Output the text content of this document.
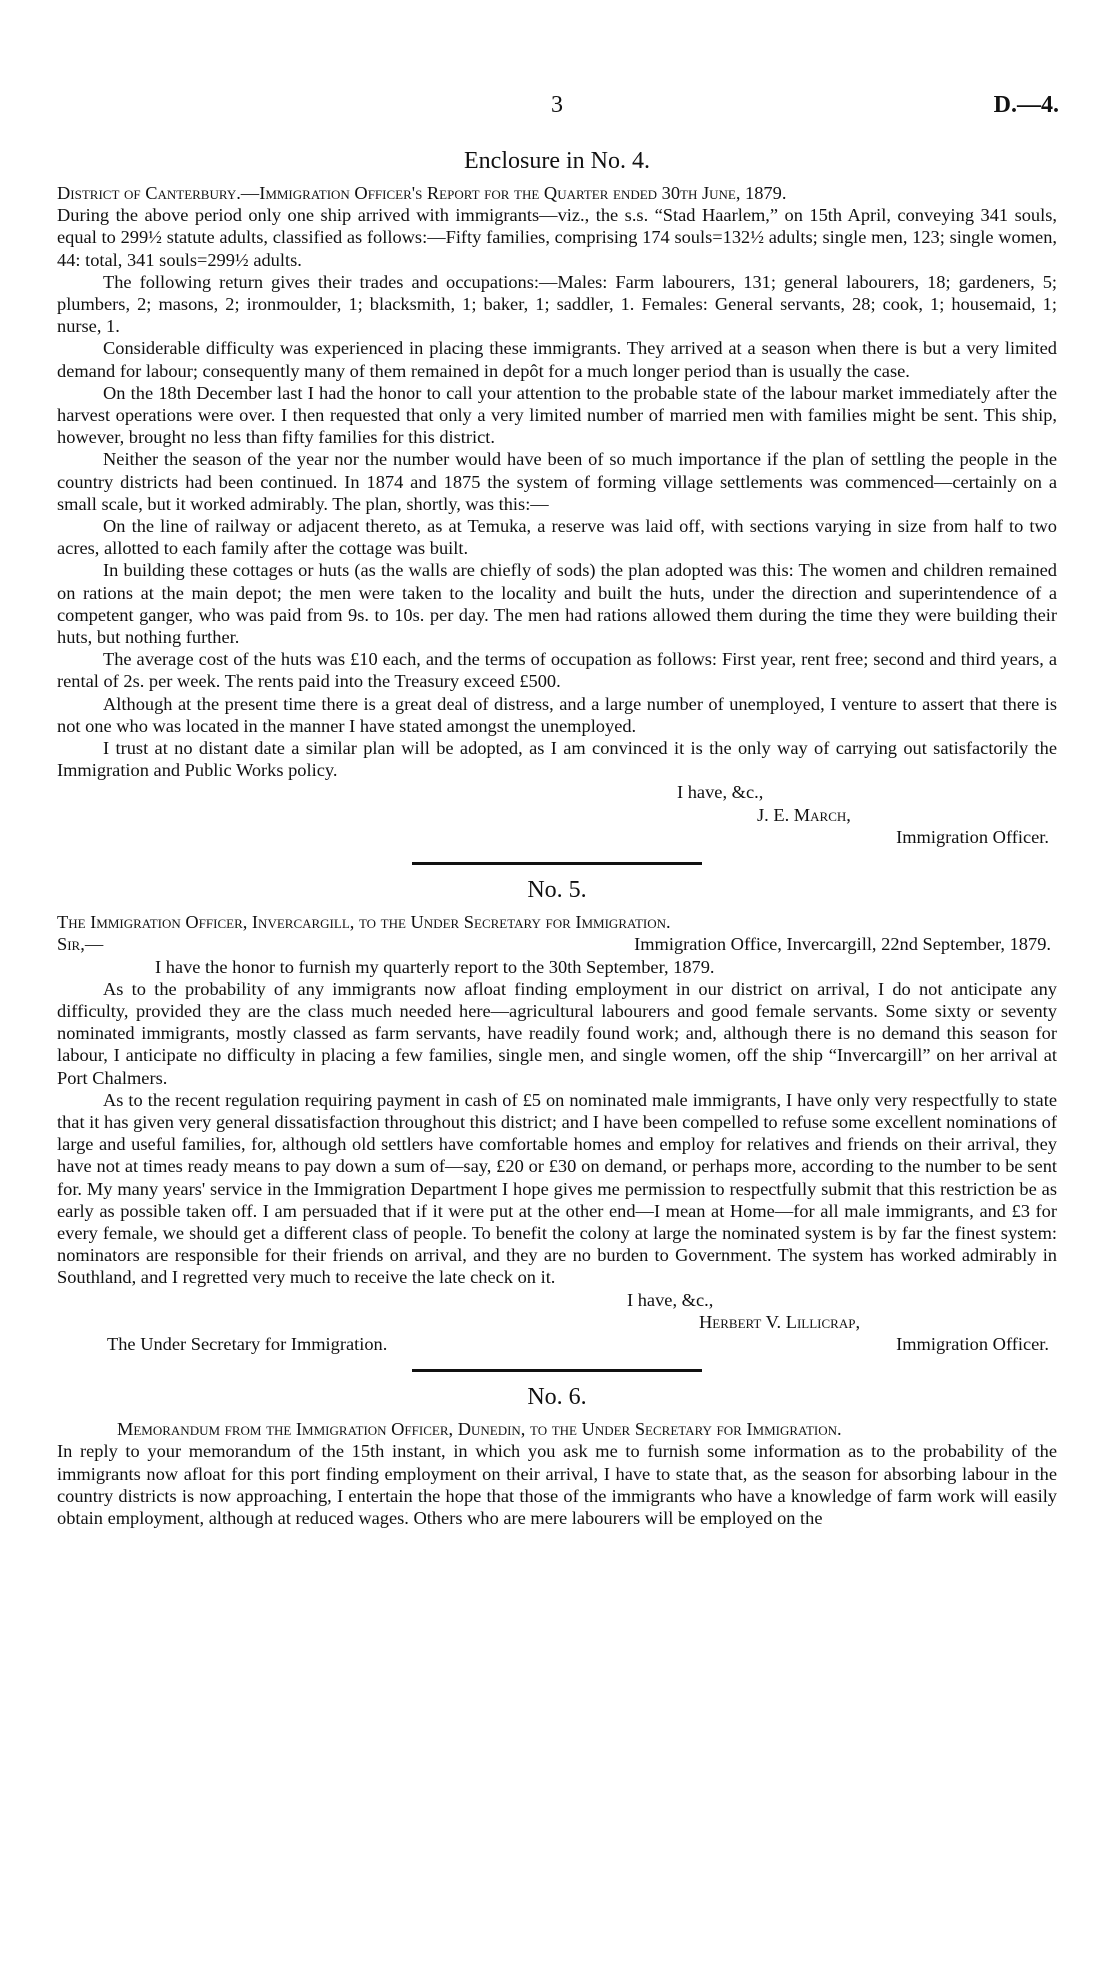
3	D.—4.
Enclosure in No. 4.

District of Canterbury.—Immigration Officer's Report for the Quarter ended 30th June, 1879.

During the above period only one ship arrived with immigrants—viz., the s.s. “Stad Haarlem,” on 15th April, conveying 341 souls, equal to 299½ statute adults, classified as follows:—Fifty families, comprising 174 souls=132½ adults; single men, 123; single women, 44: total, 341 souls=299½ adults.

The following return gives their trades and occupations:—Males: Farm labourers, 131; general labourers, 18; gardeners, 5; plumbers, 2; masons, 2; ironmoulder, 1; blacksmith, 1; baker, 1; saddler, 1. Females: General servants, 28; cook, 1; housemaid, 1; nurse, 1.

Considerable difficulty was experienced in placing these immigrants. They arrived at a season when there is but a very limited demand for labour; consequently many of them remained in depôt for a much longer period than is usually the case.

On the 18th December last I had the honor to call your attention to the probable state of the labour market immediately after the harvest operations were over. I then requested that only a very limited number of married men with families might be sent. This ship, however, brought no less than fifty families for this district.

Neither the season of the year nor the number would have been of so much importance if the plan of settling the people in the country districts had been continued. In 1874 and 1875 the system of forming village settlements was commenced—certainly on a small scale, but it worked admirably. The plan, shortly, was this:—

On the line of railway or adjacent thereto, as at Temuka, a reserve was laid off, with sections varying in size from half to two acres, allotted to each family after the cottage was built.

In building these cottages or huts (as the walls are chiefly of sods) the plan adopted was this: The women and children remained on rations at the main depot; the men were taken to the locality and built the huts, under the direction and superintendence of a competent ganger, who was paid from 9s. to 10s. per day. The men had rations allowed them during the time they were building their huts, but nothing further.

The average cost of the huts was £10 each, and the terms of occupation as follows: First year, rent free; second and third years, a rental of 2s. per week. The rents paid into the Treasury exceed £500.

Although at the present time there is a great deal of distress, and a large number of unemployed, I venture to assert that there is not one who was located in the manner I have stated amongst the unemployed.

I trust at no distant date a similar plan will be adopted, as I am convinced it is the only way of carrying out satisfactorily the Immigration and Public Works policy.

I have, &c.,

J. E. March,

Immigration Officer.

No. 5.

The Immigration Officer, Invercargill, to the Under Secretary for Immigration.

Sir,—	Immigration Office, Invercargill, 22nd September, 1879.

I have the honor to furnish my quarterly report to the 30th September, 1879.

As to the probability of any immigrants now afloat finding employment in our district on arrival, I do not anticipate any difficulty, provided they are the class much needed here—agricultural labourers and good female servants. Some sixty or seventy nominated immigrants, mostly classed as farm servants, have readily found work; and, although there is no demand this season for labour, I anticipate no difficulty in placing a few families, single men, and single women, off the ship “Invercargill” on her arrival at Port Chalmers.

As to the recent regulation requiring payment in cash of £5 on nominated male immigrants, I have only very respectfully to state that it has given very general dissatisfaction throughout this district; and I have been compelled to refuse some excellent nominations of large and useful families, for, although old settlers have comfortable homes and employ for relatives and friends on their arrival, they have not at times ready means to pay down a sum of—say, £20 or £30 on demand, or perhaps more, according to the number to be sent for. My many years' service in the Immigration Department I hope gives me permission to respectfully submit that this restriction be as early as possible taken off. I am persuaded that if it were put at the other end—I mean at Home—for all male immigrants, and £3 for every female, we should get a different class of people. To benefit the colony at large the nominated system is by far the finest system: nominators are responsible for their friends on arrival, and they are no burden to Government. The system has worked admirably in Southland, and I regretted very much to receive the late check on it.

I have, &c.,

Herbert V. Lillicrap,

The Under Secretary for Immigration.	Immigration Officer.
No. 6.

Memorandum from the Immigration Officer, Dunedin, to the Under Secretary for Immigration.

In reply to your memorandum of the 15th instant, in which you ask me to furnish some information as to the probability of the immigrants now afloat for this port finding employment on their arrival, I have to state that, as the season for absorbing labour in the country districts is now approaching, I entertain the hope that those of the immigrants who have a knowledge of farm work will easily obtain employment, although at reduced wages. Others who are mere labourers will be employed on the
